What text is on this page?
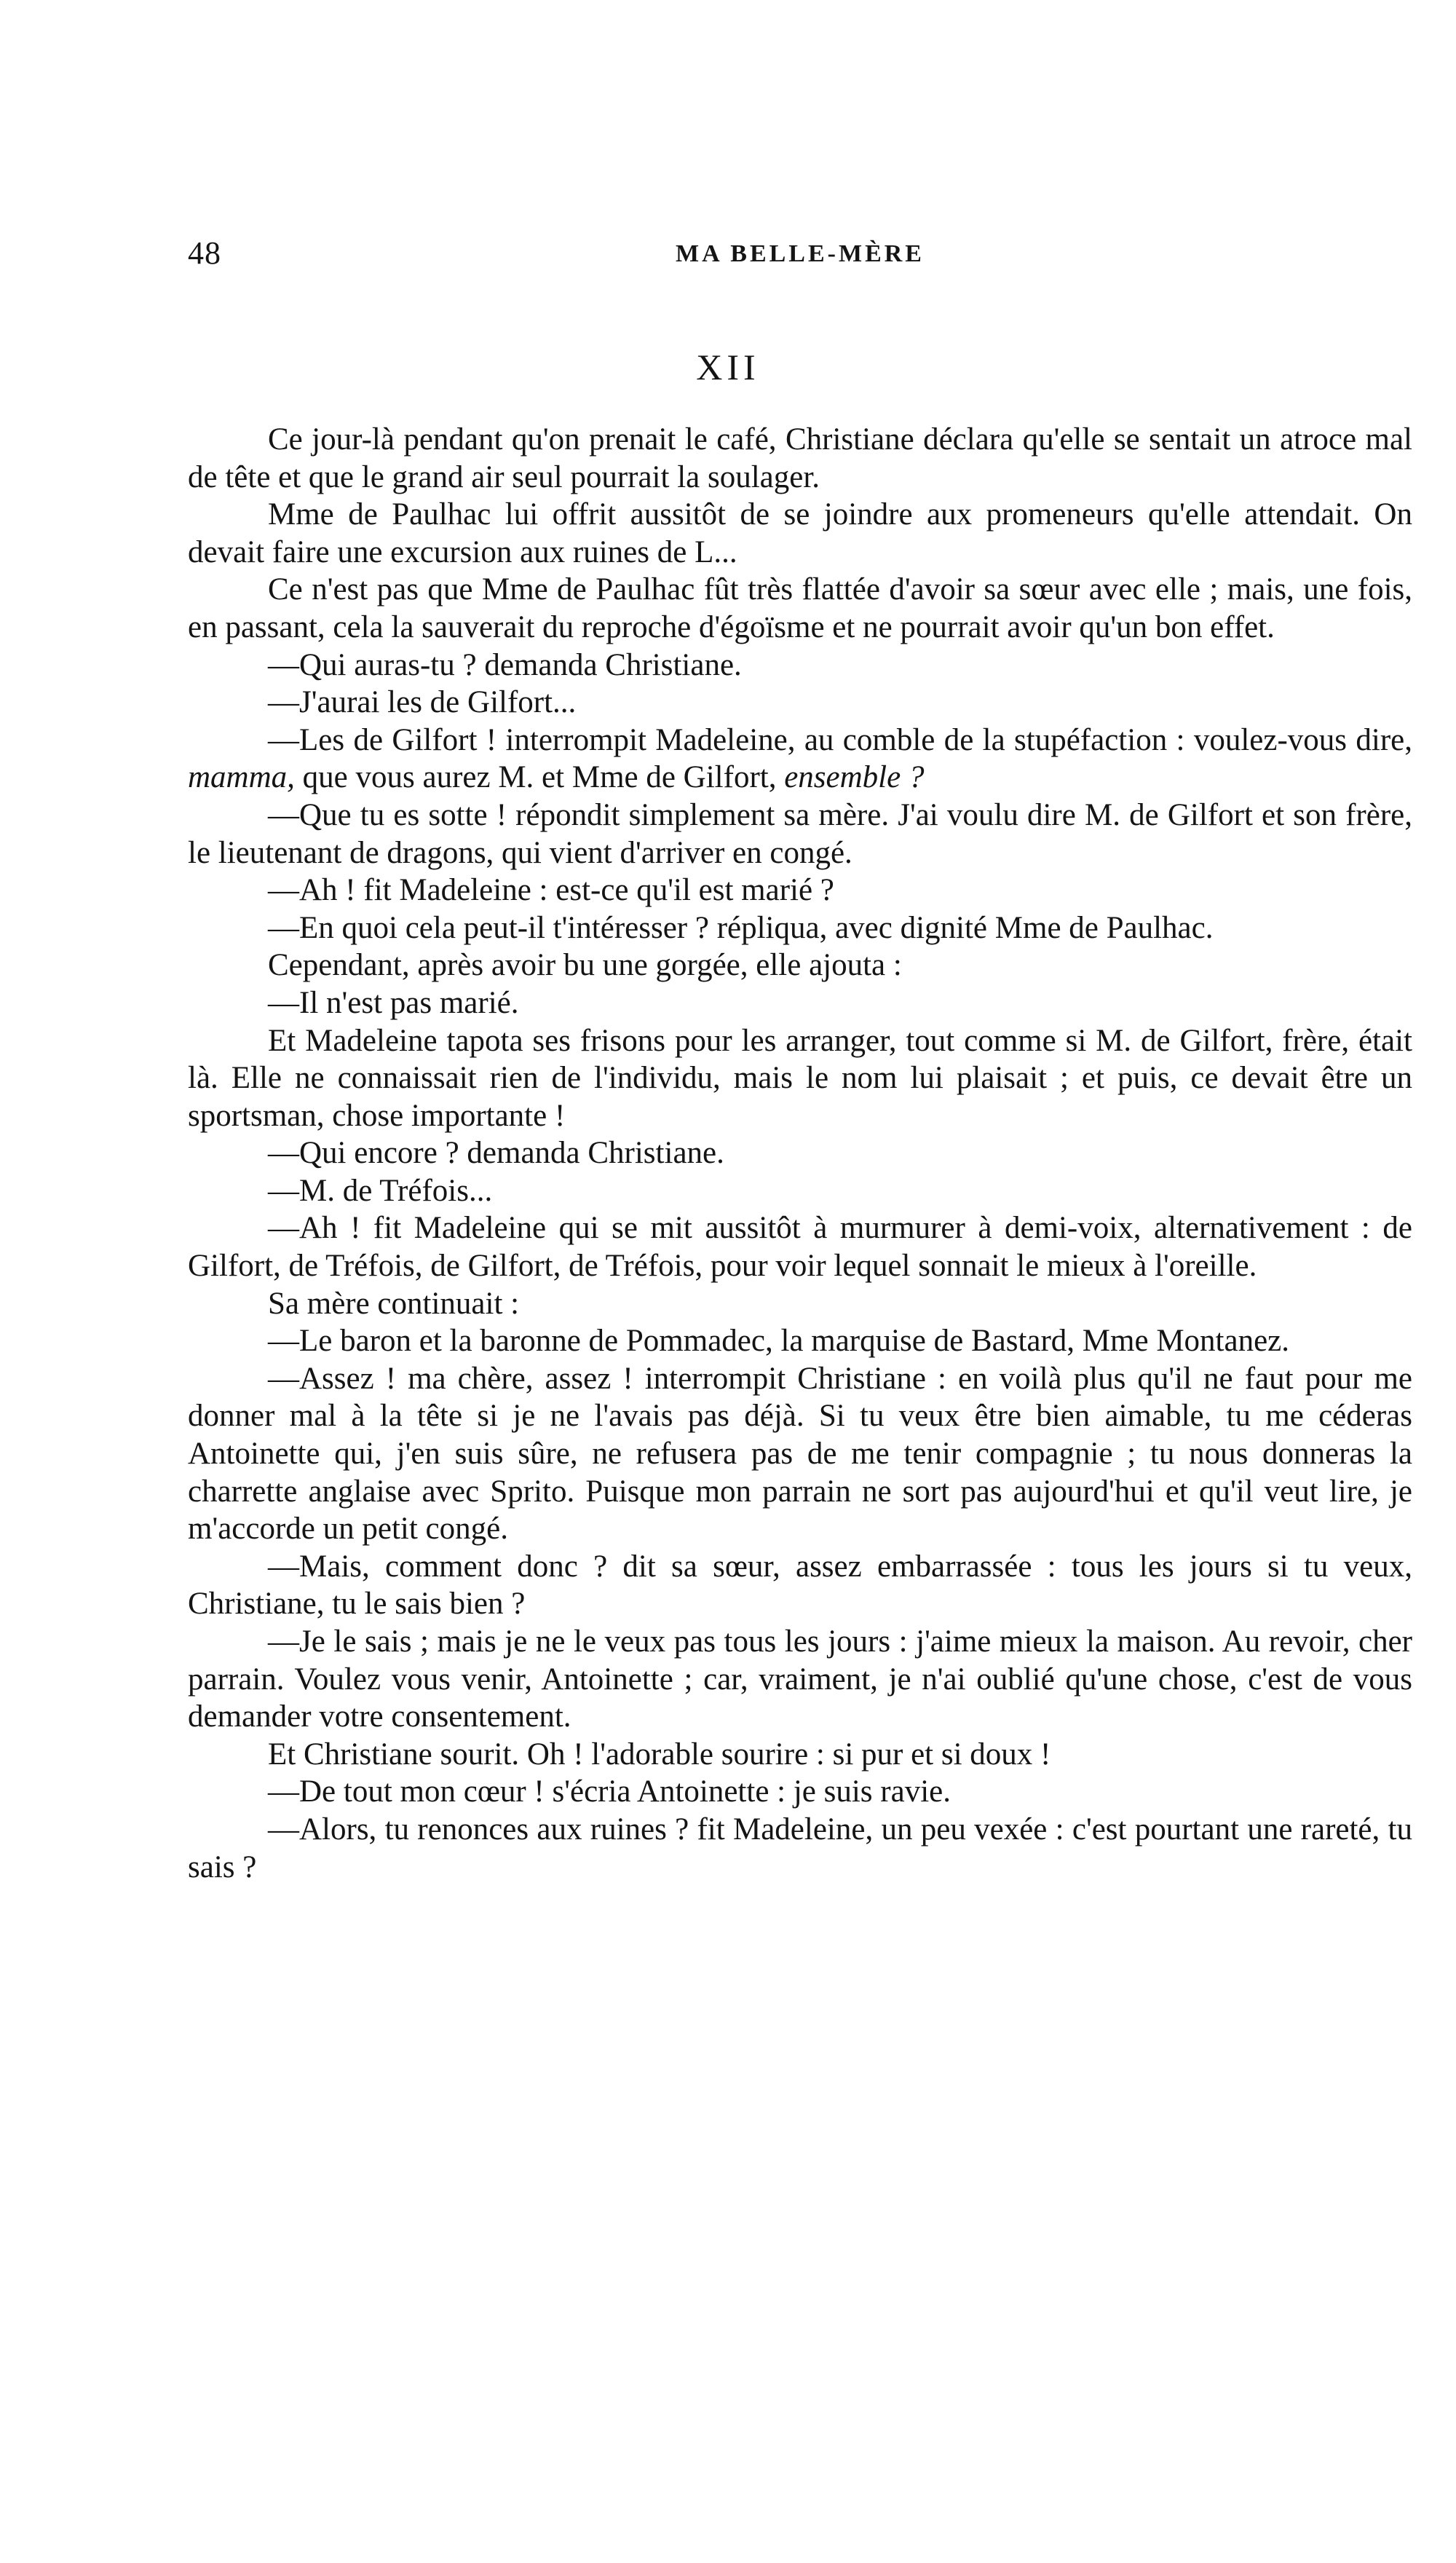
48	MA BELLE-MÈRE
XII

Ce jour-là pendant qu'on prenait le café, Christiane déclara qu'elle se sentait un atroce mal de tête et que le grand air seul pourrait la soulager.

Mme de Paulhac lui offrit aussitôt de se joindre aux promeneurs qu'elle attendait. On devait faire une excursion aux ruines de L...

Ce n'est pas que Mme de Paulhac fût très flattée d'avoir sa sœur avec elle ; mais, une fois, en passant, cela la sauverait du reproche d'égoïsme et ne pourrait avoir qu'un bon effet.

—Qui auras-tu ? demanda Christiane.

—J'aurai les de Gilfort...

—Les de Gilfort ! interrompit Madeleine, au comble de la stupéfaction : voulez-vous dire, mamma, que vous aurez M. et Mme de Gilfort, ensemble ?

—Que tu es sotte ! répondit simplement sa mère. J'ai voulu dire M. de Gilfort et son frère, le lieutenant de dragons, qui vient d'arriver en congé.

—Ah ! fit Madeleine : est-ce qu'il est marié ?

—En quoi cela peut-il t'intéresser ? répliqua, avec dignité Mme de Paulhac.

Cependant, après avoir bu une gorgée, elle ajouta :

—Il n'est pas marié.

Et Madeleine tapota ses frisons pour les arranger, tout comme si M. de Gilfort, frère, était là. Elle ne connaissait rien de l'individu, mais le nom lui plaisait ; et puis, ce devait être un sportsman, chose importante !

—Qui encore ? demanda Christiane.

—M. de Tréfois...

—Ah ! fit Madeleine qui se mit aussitôt à murmurer à demi-voix, alternativement : de Gilfort, de Tréfois, de Gilfort, de Tréfois, pour voir lequel sonnait le mieux à l'oreille.

Sa mère continuait :

—Le baron et la baronne de Pommadec, la marquise de Bastard, Mme Montanez.

—Assez ! ma chère, assez ! interrompit Christiane : en voilà plus qu'il ne faut pour me donner mal à la tête si je ne l'avais pas déjà. Si tu veux être bien aimable, tu me céderas Antoinette qui, j'en suis sûre, ne refusera pas de me tenir compagnie ; tu nous donneras la charrette anglaise avec Sprito. Puisque mon parrain ne sort pas aujourd'hui et qu'il veut lire, je m'accorde un petit congé.

—Mais, comment donc ? dit sa sœur, assez embarrassée : tous les jours si tu veux, Christiane, tu le sais bien ?

—Je le sais ; mais je ne le veux pas tous les jours : j'aime mieux la maison. Au revoir, cher parrain. Voulez vous venir, Antoinette ; car, vraiment, je n'ai oublié qu'une chose, c'est de vous demander votre consentement.

Et Christiane sourit. Oh ! l'adorable sourire : si pur et si doux !

—De tout mon cœur ! s'écria Antoinette : je suis ravie.

—Alors, tu renonces aux ruines ? fit Madeleine, un peu vexée : c'est pourtant une rareté, tu sais ?
